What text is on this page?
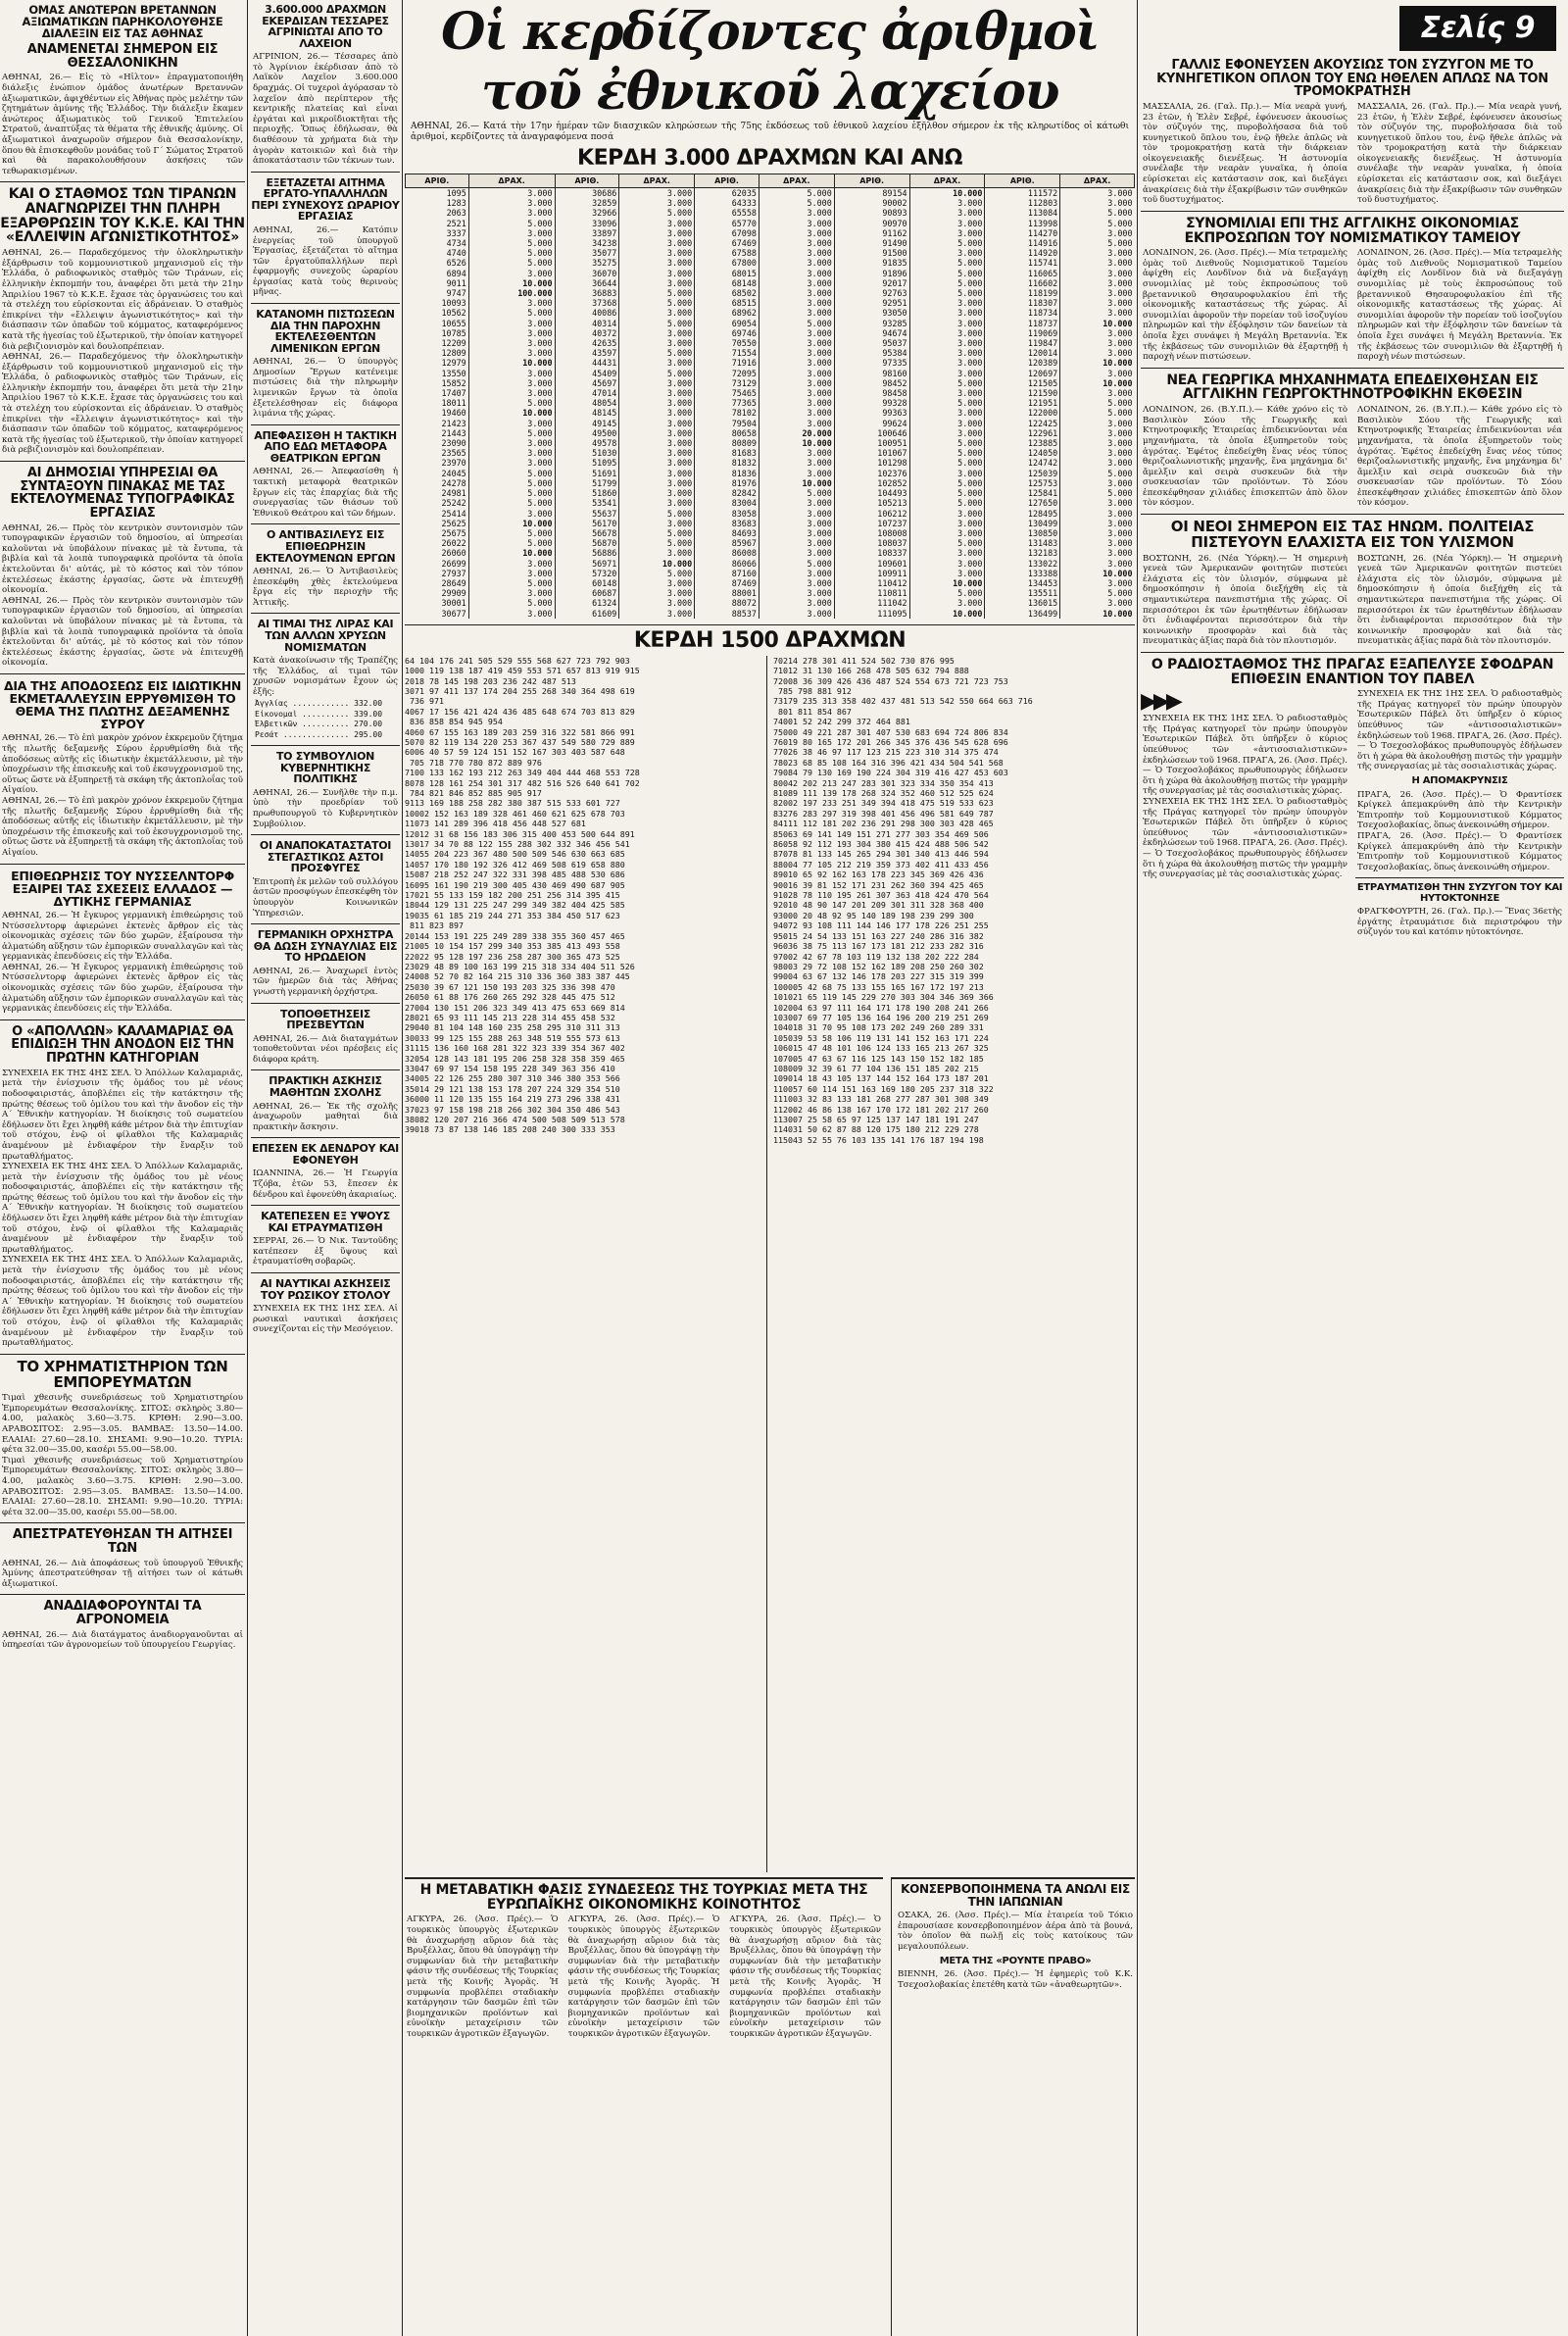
ΟΜΑΣ ΑΝΩΤΕΡΩΝ ΒΡΕΤΑΝΝΩΝ ΑΞΙΩΜΑΤΙΚΩΝ ΠΑΡΗΚΟΛΟΥΘΗΣΕ ΔΙΑΛΕΞΙΝ ΕΙΣ ΤΑΣ ΑΘΗΝΑΣ
ΑΝΑΜΕΝΕΤΑΙ ΣΗΜΕΡΟΝ ΕΙΣ ΘΕΣΣΑΛΟΝΙΚΗΝ
ΑΘΗΝΑΙ, 26.— Εἰς τὸ «Ηἰλτον» ἐπραγματοποιήθη διάλεξις ἐνώπιον ὁμάδος ἀνωτέρων Βρεταννῶν ἀξιωματικῶν, ἀφιχθέντων εἰς Ἀθήνας πρὸς μελέτην τῶν ζητημάτων ἀμύνης τῆς Ἑλλάδος. Τὴν διάλεξιν ἔκαμεν ἀνώτερος ἀξιωματικὸς τοῦ Γενικοῦ Ἐπιτελείου Στρατοῦ, ἀναπτύξας τὰ θέματα τῆς ἐθνικῆς ἀμύνης. Οἱ ἀξιωματικοὶ ἀναχωροῦν σήμερον διὰ Θεσσαλονίκην, ὅπου θὰ ἐπισκεφθοῦν μονάδας τοῦ Γ΄ Σώματος Στρατοῦ καὶ θὰ παρακολουθήσουν ἀσκήσεις τῶν τεθωρακισμένων.
ΚΑΙ Ο ΣΤΑΘΜΟΣ ΤΩΝ ΤΙΡΑΝΩΝ ΑΝΑΓΝΩΡΙΖΕΙ ΤΗΝ ΠΛΗΡΗ ΕΞΑΡΘΡΩΣΙΝ ΤΟΥ Κ.Κ.Ε. ΚΑΙ ΤΗΝ «ΕΛΛΕΙΨΙΝ ΑΓΩΝΙΣΤΙΚΟΤΗΤΟΣ»
ΑΘΗΝΑΙ, 26.— Παραδεχόμενος τὴν ὁλοκληρωτικὴν ἐξάρθρωσιν τοῦ κομμουνιστικοῦ μηχανισμοῦ εἰς τὴν Ἑλλάδα, ὁ ραδιοφωνικὸς σταθμὸς τῶν Τιράνων, εἰς ἑλληνικὴν ἐκπομπήν του, ἀναφέρει ὅτι μετὰ τὴν 21ην Ἀπριλίου 1967 τὸ Κ.Κ.Ε. ἔχασε τὰς ὀργανώσεις του καὶ τὰ στελέχη του εὑρίσκονται εἰς ἀδράνειαν. Ὁ σταθμὸς ἐπικρίνει τὴν «ἔλλειψιν ἀγωνιστικότητος» καὶ τὴν διάσπασιν τῶν ὀπαδῶν τοῦ κόμματος, καταφερόμενος κατὰ τῆς ἡγεσίας τοῦ ἐξωτερικοῦ, τὴν ὁποίαν κατηγορεῖ διὰ ρεβιζιονισμὸν καὶ δουλοπρέπειαν.
ΑΘΗΝΑΙ, 26.— Παραδεχόμενος τὴν ὁλοκληρωτικὴν ἐξάρθρωσιν τοῦ κομμουνιστικοῦ μηχανισμοῦ εἰς τὴν Ἑλλάδα, ὁ ραδιοφωνικὸς σταθμὸς τῶν Τιράνων, εἰς ἑλληνικὴν ἐκπομπήν του, ἀναφέρει ὅτι μετὰ τὴν 21ην Ἀπριλίου 1967 τὸ Κ.Κ.Ε. ἔχασε τὰς ὀργανώσεις του καὶ τὰ στελέχη του εὑρίσκονται εἰς ἀδράνειαν. Ὁ σταθμὸς ἐπικρίνει τὴν «ἔλλειψιν ἀγωνιστικότητος» καὶ τὴν διάσπασιν τῶν ὀπαδῶν τοῦ κόμματος, καταφερόμενος κατὰ τῆς ἡγεσίας τοῦ ἐξωτερικοῦ, τὴν ὁποίαν κατηγορεῖ διὰ ρεβιζιονισμὸν καὶ δουλοπρέπειαν.
ΑΙ ΔΗΜΟΣΙΑΙ ΥΠΗΡΕΣΙΑΙ ΘΑ ΣΥΝΤΑΞΟΥΝ ΠΙΝΑΚΑΣ ΜΕ ΤΑΣ ΕΚΤΕΛΟΥΜΕΝΑΣ ΤΥΠΟΓΡΑΦΙΚΑΣ ΕΡΓΑΣΙΑΣ
ΑΘΗΝΑΙ, 26.— Πρὸς τὸν κεντρικὸν συντονισμὸν τῶν τυπογραφικῶν ἐργασιῶν τοῦ δημοσίου, αἱ ὑπηρεσίαι καλοῦνται νὰ ὑποβάλουν πίνακας μὲ τὰ ἔντυπα, τὰ βιβλία καὶ τὰ λοιπὰ τυπογραφικὰ προϊόντα τὰ ὁποῖα ἐκτελοῦνται δι' αὐτάς, μὲ τὸ κόστος καὶ τὸν τόπον ἐκτελέσεως ἑκάστης ἐργασίας, ὥστε νὰ ἐπιτευχθῇ οἰκονομία.
ΑΘΗΝΑΙ, 26.— Πρὸς τὸν κεντρικὸν συντονισμὸν τῶν τυπογραφικῶν ἐργασιῶν τοῦ δημοσίου, αἱ ὑπηρεσίαι καλοῦνται νὰ ὑποβάλουν πίνακας μὲ τὰ ἔντυπα, τὰ βιβλία καὶ τὰ λοιπὰ τυπογραφικὰ προϊόντα τὰ ὁποῖα ἐκτελοῦνται δι' αὐτάς, μὲ τὸ κόστος καὶ τὸν τόπον ἐκτελέσεως ἑκάστης ἐργασίας, ὥστε νὰ ἐπιτευχθῇ οἰκονομία.
ΔΙΑ ΤΗΣ ΑΠΟΔΟΣΕΩΣ ΕΙΣ ΙΔΙΩΤΙΚΗΝ ΕΚΜΕΤΑΛΛΕΥΣΙΝ ΕΡΡΥΘΜΙΣΘΗ ΤΟ ΘΕΜΑ ΤΗΣ ΠΛΩΤΗΣ ΔΕΞΑΜΕΝΗΣ ΣΥΡΟΥ
ΑΘΗΝΑΙ, 26.— Τὸ ἐπὶ μακρὸν χρόνον ἐκκρεμοῦν ζήτημα τῆς πλωτῆς δεξαμενῆς Σύρου ἐρρυθμίσθη διὰ τῆς ἀποδόσεως αὐτῆς εἰς ἰδιωτικὴν ἐκμετάλλευσιν, μὲ τὴν ὑποχρέωσιν τῆς ἐπισκευῆς καὶ τοῦ ἐκσυγχρονισμοῦ της, οὕτως ὥστε νὰ ἐξυπηρετῇ τὰ σκάφη τῆς ἀκτοπλοΐας τοῦ Αἰγαίου.
ΑΘΗΝΑΙ, 26.— Τὸ ἐπὶ μακρὸν χρόνον ἐκκρεμοῦν ζήτημα τῆς πλωτῆς δεξαμενῆς Σύρου ἐρρυθμίσθη διὰ τῆς ἀποδόσεως αὐτῆς εἰς ἰδιωτικὴν ἐκμετάλλευσιν, μὲ τὴν ὑποχρέωσιν τῆς ἐπισκευῆς καὶ τοῦ ἐκσυγχρονισμοῦ της, οὕτως ὥστε νὰ ἐξυπηρετῇ τὰ σκάφη τῆς ἀκτοπλοΐας τοῦ Αἰγαίου.
ΕΠΙΘΕΩΡΗΣΙΣ ΤΟΥ ΝΥΣΣΕΛΝΤΟΡΦ ΕΞΑΙΡΕΙ ΤΑΣ ΣΧΕΣΕΙΣ ΕΛΛΑΔΟΣ — ΔΥΤΙΚΗΣ ΓΕΡΜΑΝΙΑΣ
ΑΘΗΝΑΙ, 26.— Ἡ ἔγκυρος γερμανικὴ ἐπιθεώρησις τοῦ Ντύσσελντορφ ἀφιερώνει ἐκτενὲς ἄρθρον εἰς τὰς οἰκονομικὰς σχέσεις τῶν δύο χωρῶν, ἐξαίρουσα τὴν ἀλματώδη αὔξησιν τῶν ἐμπορικῶν συναλλαγῶν καὶ τὰς γερμανικὰς ἐπενδύσεις εἰς τὴν Ἑλλάδα.
ΑΘΗΝΑΙ, 26.— Ἡ ἔγκυρος γερμανικὴ ἐπιθεώρησις τοῦ Ντύσσελντορφ ἀφιερώνει ἐκτενὲς ἄρθρον εἰς τὰς οἰκονομικὰς σχέσεις τῶν δύο χωρῶν, ἐξαίρουσα τὴν ἀλματώδη αὔξησιν τῶν ἐμπορικῶν συναλλαγῶν καὶ τὰς γερμανικὰς ἐπενδύσεις εἰς τὴν Ἑλλάδα.
Ο «ΑΠΟΛΛΩΝ» ΚΑΛΑΜΑΡΙΑΣ ΘΑ ΕΠΙΔΙΩΞΗ ΤΗΝ ΑΝΟΔΟΝ ΕΙΣ ΤΗΝ ΠΡΩΤΗΝ ΚΑΤΗΓΟΡΙΑΝ
ΣΥΝΕΧΕΙΑ ΕΚ ΤΗΣ 4ΗΣ ΣΕΛ. Ὁ Ἀπόλλων Καλαμαριᾶς, μετὰ τὴν ἐνίσχυσιν τῆς ὁμάδος του μὲ νέους ποδοσφαιριστάς, ἀποβλέπει εἰς τὴν κατάκτησιν τῆς πρώτης θέσεως τοῦ ὁμίλου του καὶ τὴν ἄνοδον εἰς τὴν Α΄ Ἐθνικὴν κατηγορίαν. Ἡ διοίκησις τοῦ σωματείου ἐδήλωσεν ὅτι ἔχει ληφθῆ κάθε μέτρον διὰ τὴν ἐπιτυχίαν τοῦ στόχου, ἐνῷ οἱ φίλαθλοι τῆς Καλαμαριᾶς ἀναμένουν μὲ ἐνδιαφέρον τὴν ἔναρξιν τοῦ πρωταθλήματος.
ΣΥΝΕΧΕΙΑ ΕΚ ΤΗΣ 4ΗΣ ΣΕΛ. Ὁ Ἀπόλλων Καλαμαριᾶς, μετὰ τὴν ἐνίσχυσιν τῆς ὁμάδος του μὲ νέους ποδοσφαιριστάς, ἀποβλέπει εἰς τὴν κατάκτησιν τῆς πρώτης θέσεως τοῦ ὁμίλου του καὶ τὴν ἄνοδον εἰς τὴν Α΄ Ἐθνικὴν κατηγορίαν. Ἡ διοίκησις τοῦ σωματείου ἐδήλωσεν ὅτι ἔχει ληφθῆ κάθε μέτρον διὰ τὴν ἐπιτυχίαν τοῦ στόχου, ἐνῷ οἱ φίλαθλοι τῆς Καλαμαριᾶς ἀναμένουν μὲ ἐνδιαφέρον τὴν ἔναρξιν τοῦ πρωταθλήματος.
ΣΥΝΕΧΕΙΑ ΕΚ ΤΗΣ 4ΗΣ ΣΕΛ. Ὁ Ἀπόλλων Καλαμαριᾶς, μετὰ τὴν ἐνίσχυσιν τῆς ὁμάδος του μὲ νέους ποδοσφαιριστάς, ἀποβλέπει εἰς τὴν κατάκτησιν τῆς πρώτης θέσεως τοῦ ὁμίλου του καὶ τὴν ἄνοδον εἰς τὴν Α΄ Ἐθνικὴν κατηγορίαν. Ἡ διοίκησις τοῦ σωματείου ἐδήλωσεν ὅτι ἔχει ληφθῆ κάθε μέτρον διὰ τὴν ἐπιτυχίαν τοῦ στόχου, ἐνῷ οἱ φίλαθλοι τῆς Καλαμαριᾶς ἀναμένουν μὲ ἐνδιαφέρον τὴν ἔναρξιν τοῦ πρωταθλήματος.
ΤΟ ΧΡΗΜΑΤΙΣΤΗΡΙΟΝ ΤΩΝ ΕΜΠΟΡΕΥΜΑΤΩΝ
Τιμαὶ χθεσινῆς συνεδριάσεως τοῦ Χρηματιστηρίου Ἐμπορευμάτων Θεσσαλονίκης. ΣΙΤΟΣ: σκληρὸς 3.80—4.00, μαλακὸς 3.60—3.75. ΚΡΙΘΗ: 2.90—3.00. ΑΡΑΒΟΣΙΤΟΣ: 2.95—3.05. ΒΑΜΒΑΞ: 13.50—14.00. ΕΛΑΙΑΙ: 27.60—28.10. ΣΗΣΑΜΙ: 9.90—10.20. ΤΥΡΙΑ: φέτα 32.00—35.00, κασέρι 55.00—58.00.
Τιμαὶ χθεσινῆς συνεδριάσεως τοῦ Χρηματιστηρίου Ἐμπορευμάτων Θεσσαλονίκης. ΣΙΤΟΣ: σκληρὸς 3.80—4.00, μαλακὸς 3.60—3.75. ΚΡΙΘΗ: 2.90—3.00. ΑΡΑΒΟΣΙΤΟΣ: 2.95—3.05. ΒΑΜΒΑΞ: 13.50—14.00. ΕΛΑΙΑΙ: 27.60—28.10. ΣΗΣΑΜΙ: 9.90—10.20. ΤΥΡΙΑ: φέτα 32.00—35.00, κασέρι 55.00—58.00.
ΑΠΕΣΤΡΑΤΕΥΘΗΣΑΝ ΤΗ ΑΙΤΗΣΕΙ ΤΩΝ
ΑΘΗΝΑΙ, 26.— Διὰ ἀποφάσεως τοῦ ὑπουργοῦ Ἐθνικῆς Ἀμύνης ἀπεστρατεύθησαν τῇ αἰτήσει των οἱ κάτωθι ἀξιωματικοί.
ΑΝΑΔΙΑΦΟΡΟΥΝΤΑΙ ΤΑ ΑΓΡΟΝΟΜΕΙΑ
ΑΘΗΝΑΙ, 26.— Διὰ διατάγματος ἀναδιοργανοῦνται αἱ ὑπηρεσίαι τῶν ἀγρονομείων τοῦ ὑπουργείου Γεωργίας.
3.600.000 ΔΡΑΧΜΩΝ ΕΚΕΡΔΙΣΑΝ ΤΕΣΣΑΡΕΣ ΑΓΡΙΝΙΩΤΑΙ ΑΠΟ ΤΟ ΛΑΧΕΙΟΝ
ΑΓΡΙΝΙΟΝ, 26.— Τέσσαρες ἀπὸ τὸ Ἀγρίνιον ἐκέρδισαν ἀπὸ τὸ Λαϊκὸν Λαχεῖον 3.600.000 δραχμάς. Οἱ τυχεροὶ ἀγόρασαν τὸ λαχεῖον ἀπὸ περίπτερον τῆς κεντρικῆς πλατείας καὶ εἶναι ἐργάται καὶ μικροϊδιοκτῆται τῆς περιοχῆς. Ὅπως ἐδήλωσαν, θὰ διαθέσουν τὰ χρήματα διὰ τὴν ἀγορὰν κατοικιῶν καὶ διὰ τὴν ἀποκατάστασιν τῶν τέκνων των.
ΕΞΕΤΑΖΕΤΑΙ ΑΙΤΗΜΑ ΕΡΓΑΤΟ-ΥΠΑΛΛΗΛΩΝ ΠΕΡΙ ΣΥΝΕΧΟΥΣ ΩΡΑΡΙΟΥ ΕΡΓΑΣΙΑΣ
ΑΘΗΝΑΙ, 26.— Κατόπιν ἐνεργείας τοῦ ὑπουργοῦ Ἐργασίας, ἐξετάζεται τὸ αἴτημα τῶν ἐργατοϋπαλλήλων περὶ ἐφαρμογῆς συνεχοῦς ὡραρίου ἐργασίας κατὰ τοὺς θερινοὺς μῆνας.
ΚΑΤΑΝΟΜΗ ΠΙΣΤΩΣΕΩΝ ΔΙΑ ΤΗΝ ΠΑΡΟΧΗΝ ΕΚΤΕΛΕΣΘΕΝΤΩΝ ΛΙΜΕΝΙΚΩΝ ΕΡΓΩΝ
ΑΘΗΝΑΙ, 26.— Ὁ ὑπουργὸς Δημοσίων Ἔργων κατένειμε πιστώσεις διὰ τὴν πληρωμὴν λιμενικῶν ἔργων τὰ ὁποῖα ἐξετελέσθησαν εἰς διάφορα λιμάνια τῆς χώρας.
ΑΠΕΦΑΣΙΣΘΗ Η ΤΑΚΤΙΚΗ ΑΠΟ ΕΔΩ ΜΕΤΑΦΟΡΑ ΘΕΑΤΡΙΚΩΝ ΕΡΓΩΝ
ΑΘΗΝΑΙ, 26.— Ἀπεφασίσθη ἡ τακτικὴ μεταφορὰ θεατρικῶν ἔργων εἰς τὰς ἐπαρχίας διὰ τῆς συνεργασίας τῶν θιάσων τοῦ Ἐθνικοῦ Θεάτρου καὶ τῶν δήμων.
Ο ΑΝΤΙΒΑΣΙΛΕΥΣ ΕΙΣ ΕΠΙΘΕΩΡΗΣΙΝ ΕΚΤΕΛΟΥΜΕΝΩΝ ΕΡΓΩΝ
ΑΘΗΝΑΙ, 26.— Ὁ Ἀντιβασιλεὺς ἐπεσκέφθη χθὲς ἐκτελούμενα ἔργα εἰς τὴν περιοχὴν τῆς Ἀττικῆς.
ΑΙ ΤΙΜΑΙ ΤΗΣ ΛΙΡΑΣ ΚΑΙ ΤΩΝ ΑΛΛΩΝ ΧΡΥΣΩΝ ΝΟΜΙΣΜΑΤΩΝ
Κατὰ ἀνακοίνωσιν τῆς Τραπέζης τῆς Ἑλλάδος, αἱ τιμαὶ τῶν χρυσῶν νομισμάτων ἔχουν ὡς ἑξῆς:
Ἀγγλίας ............ 332.00
Εἰκονομαὶ .......... 339.00
Ἐλβετικῶν .......... 270.00
Ρεσάτ .............. 295.00
ΤΟ ΣΥΜΒΟΥΛΙΟΝ ΚΥΒΕΡΝΗΤΙΚΗΣ ΠΟΛΙΤΙΚΗΣ
ΑΘΗΝΑΙ, 26.— Συνῆλθε τὴν π.μ. ὑπὸ τὴν προεδρίαν τοῦ πρωθυπουργοῦ τὸ Κυβερνητικὸν Συμβούλιον.
ΟΙ ΑΝΑΠΟΚΑΤΑΣΤΑΤΟΙ ΣΤΕΓΑΣΤΙΚΩΣ ΑΣΤΟΙ ΠΡΟΣΦΥΓΕΣ
Ἐπιτροπὴ ἐκ μελῶν τοῦ συλλόγου ἀστῶν προσφύγων ἐπεσκέφθη τὸν ὑπουργὸν Κοινωνικῶν Ὑπηρεσιῶν.
ΓΕΡΜΑΝΙΚΗ ΟΡΧΗΣΤΡΑ ΘΑ ΔΩΣΗ ΣΥΝΑΥΛΙΑΣ ΕΙΣ ΤΟ ΗΡΩΔΕΙΟΝ
ΑΘΗΝΑΙ, 26.— Ἀναχωρεῖ ἐντὸς τῶν ἡμερῶν διὰ τὰς Ἀθήνας γνωστὴ γερμανικὴ ὀρχήστρα.
ΤΟΠΟΘΕΤΗΣΕΙΣ ΠΡΕΣΒΕΥΤΩΝ
ΑΘΗΝΑΙ, 26.— Διὰ διαταγμάτων τοποθετοῦνται νέοι πρέσβεις εἰς διάφορα κράτη.
ΠΡΑΚΤΙΚΗ ΑΣΚΗΣΙΣ ΜΑΘΗΤΩΝ ΣΧΟΛΗΣ
ΑΘΗΝΑΙ, 26.— Ἐκ τῆς σχολῆς ἀναχωροῦν μαθηταὶ διὰ πρακτικὴν ἄσκησιν.
ΕΠΕΣΕΝ ΕΚ ΔΕΝΔΡΟΥ ΚΑΙ ΕΦΟΝΕΥΘΗ
ΙΩΑΝΝΙΝΑ, 26.— Ἡ Γεωργία Τζόβα, ἐτῶν 53, ἔπεσεν ἐκ δένδρου καὶ ἐφονεύθη ἀκαριαίως.
ΚΑΤΕΠΕΣΕΝ ΕΞ ΥΨΟΥΣ ΚΑΙ ΕΤΡΑΥΜΑΤΙΣΘΗ
ΣΕΡΡΑΙ, 26.— Ὁ Νικ. Ταντοῦδης κατέπεσεν ἐξ ὕψους καὶ ἐτραυματίσθη σοβαρῶς.
ΑΙ ΝΑΥΤΙΚΑΙ ΑΣΚΗΣΕΙΣ ΤΟΥ ΡΩΣΙΚΟΥ ΣΤΟΛΟΥ
ΣΥΝΕΧΕΙΑ ΕΚ ΤΗΣ 1ΗΣ ΣΕΛ. Αἱ ρωσικαὶ ναυτικαὶ ἀσκήσεις συνεχίζονται εἰς τὴν Μεσόγειον.
Οἱ κερδίζοντες ἀριθμοὶ τοῦ ἐθνικοῦ λαχείου
ΑΘΗΝΑΙ, 26.— Κατά τὴν 17ην ἡμέραν τῶν διασχικῶν κληρώσεων τῆς 75ης ἐκδόσεως τοῦ ἐθνικοῦ λαχείου ἐξῆλθον σήμερον ἐκ τῆς κληρωτίδος οἱ κάτωθι ἀριθμοί, κερδίζοντες τὰ ἀναγραφόμενα ποσά
ΚΕΡΔΗ 3.000 ΔΡΑΧΜΩΝ ΚΑΙ ΑΝΩ
ΑΡΙΘ.	ΔΡΑΧ.	ΑΡΙΘ.	ΔΡΑΧ.	ΑΡΙΘ.	ΔΡΑΧ.	ΑΡΙΘ.	ΔΡΑΧ.	ΑΡΙΘ.	ΔΡΑΧ.
1095	3.000	30686	3.000	62035	5.000	89154	10.000	111572	3.000
1283	3.000	32859	3.000	64333	5.000	90002	3.000	112803	3.000
2063	3.000	32966	5.000	65558	3.000	90893	3.000	113084	5.000
2521	5.000	33096	3.000	65770	3.000	90970	3.000	113998	5.000
3337	3.000	33897	3.000	67098	3.000	91162	3.000	114270	3.000
4734	5.000	34238	3.000	67469	3.000	91490	5.000	114916	5.000
4740	5.000	35077	3.000	67588	3.000	91500	3.000	114920	3.000
6526	5.000	35275	3.000	67800	3.000	91835	5.000	115741	3.000
6894	3.000	36070	3.000	68015	3.000	91896	5.000	116065	3.000
9011	10.000	36644	3.000	68148	3.000	92017	5.000	116602	3.000
9747	100.000	36883	5.000	68502	3.000	92763	5.000	118199	3.000
10093	3.000	37368	5.000	68515	3.000	92951	3.000	118307	3.000
10562	5.000	40086	3.000	68962	3.000	93050	3.000	118734	3.000
10655	3.000	40314	5.000	69054	5.000	93285	3.000	118737	10.000
10785	3.000	40372	3.000	69746	3.000	94674	3.000	119069	3.000
12209	3.000	42635	3.000	70550	3.000	95037	3.000	119847	3.000
12809	3.000	43597	5.000	71554	3.000	95384	3.000	120014	3.000
12979	10.000	44431	3.000	71916	3.000	97335	3.000	120389	10.000
13550	3.000	45409	5.000	72095	3.000	98160	3.000	120697	3.000
15852	3.000	45697	3.000	73129	3.000	98452	5.000	121505	10.000
17407	3.000	47014	3.000	75465	3.000	98458	3.000	121590	3.000
18011	5.000	48054	3.000	77365	3.000	99328	5.000	121951	5.000
19460	10.000	48145	3.000	78102	3.000	99363	3.000	122000	5.000
21423	3.000	49145	3.000	79504	3.000	99624	3.000	122425	3.000
21443	5.000	49500	3.000	80658	20.000	100646	3.000	122961	3.000
23090	3.000	49578	3.000	80809	10.000	100951	5.000	123885	3.000
23565	3.000	51030	3.000	81683	3.000	101067	5.000	124050	3.000
23970	3.000	51095	3.000	81832	3.000	101298	5.000	124742	3.000
24045	5.000	51691	3.000	81836	3.000	102376	3.000	125039	5.000
24278	5.000	51799	3.000	81976	10.000	102852	5.000	125753	3.000
24981	5.000	51860	3.000	82842	5.000	104493	5.000	125841	5.000
25242	5.000	53541	3.000	83004	3.000	105213	5.000	127650	3.000
25414	3.000	55637	5.000	83058	3.000	106212	3.000	128495	3.000
25625	10.000	56170	3.000	83683	3.000	107237	3.000	130499	3.000
25675	5.000	56678	5.000	84693	3.000	108008	3.000	130850	3.000
26022	5.000	56870	5.000	85967	3.000	108037	5.000	131483	3.000
26060	10.000	56886	3.000	86008	3.000	108337	3.000	132183	3.000
26699	3.000	56971	10.000	86066	5.000	109601	3.000	133022	3.000
27937	3.000	57320	5.000	87160	3.000	109911	3.000	133388	10.000
28649	5.000	60148	3.000	87469	3.000	110412	10.000	134453	3.000
29909	3.000	60687	3.000	88001	3.000	110811	5.000	135511	5.000
30001	5.000	61324	3.000	88072	3.000	111042	3.000	136015	3.000
30677	3.000	61609	3.000	88537	3.000	111095	10.000	136499	10.000
ΚΕΡΔΗ 1500 ΔΡΑΧΜΩΝ
64 104 176 241 505 529 555 568 627 723 792 903
1000 119 138 187 419 459 553 571 657 813 919 915
2018 78 145 198 203 236 242 487 513
3071 97 411 137 174 204 255 268 340 364 498 619
736 971
4067 17 156 421 424 436 485 648 674 703 813 829
836 858 854 945 954
4060 67 155 163 189 203 259 316 322 581 866 991
5070 82 119 134 220 253 367 437 549 580 729 889
6006 40 57 59 124 151 152 167 303 403 587 648
705 718 770 780 872 889 976
7100 133 162 193 212 263 349 404 444 468 553 728
8078 128 161 254 301 317 482 516 526 640 641 702
784 821 846 852 885 905 917
9113 169 188 258 282 380 387 515 533 601 727
10002 152 163 189 328 461 460 621 625 678 703
11073 141 289 396 418 456 448 527 681
12012 31 68 156 183 306 315 400 453 500 644 891
13017 34 70 88 122 155 288 302 332 346 456 541
14055 204 223 367 480 500 509 546 630 663 685
14057 170 180 192 326 412 469 508 619 658 880
15087 218 252 247 322 331 398 485 488 530 686
16095 161 190 219 300 405 430 469 490 687 905
17021 55 133 159 182 200 251 256 314 395 415
18044 129 131 225 247 299 349 382 404 425 585
19035 61 185 219 244 271 353 384 450 517 623
811 823 897
20144 153 191 225 249 289 338 355 360 457 465
21005 10 154 157 299 340 353 385 413 493 558
22022 95 128 197 236 258 287 300 365 473 525
23029 48 89 100 163 199 215 318 334 404 511 526
24008 52 70 82 164 215 310 336 360 383 387 445
25030 39 67 121 150 193 203 325 336 398 470
26050 61 88 176 260 265 292 328 445 475 512
27004 130 151 206 323 349 413 475 653 669 814
28021 65 93 111 145 213 228 314 455 458 532
29040 81 104 148 160 235 258 295 310 311 313
30033 99 125 155 288 263 348 519 555 573 613
31115 136 160 168 281 322 323 339 354 367 402
32054 128 143 181 195 206 258 328 358 359 465
33047 69 97 154 158 195 228 349 363 356 410
34005 22 126 255 280 307 310 346 380 353 566
35014 29 121 138 153 178 207 224 329 354 510
36000 11 120 135 155 164 219 273 296 338 431
37023 97 158 198 218 266 302 304 350 486 543
38082 120 207 216 366 474 500 508 509 513 578
39018 73 87 138 146 185 208 240 300 333 353
70214 278 301 411 524 502 730 876 995
71012 31 130 166 268 478 505 632 794 888
72008 36 309 426 436 487 524 554 673 721 723 753
785 798 881 912
73179 235 313 358 402 437 481 513 542 550 664 663 716
801 811 854 867
74001 52 242 299 372 464 881
75000 49 221 287 301 407 530 683 694 724 806 834
76019 80 165 172 201 266 345 376 436 545 628 696
77026 38 46 97 117 123 215 223 310 314 375 474
78023 68 85 108 164 316 396 421 434 504 541 568
79084 79 130 169 190 224 304 319 416 427 453 603
80042 202 213 247 283 301 323 334 350 354 413
81089 111 139 178 268 324 352 460 512 525 624
82002 197 233 251 349 394 418 475 519 533 623
83276 283 297 319 398 401 456 496 581 649 787
84111 112 181 202 236 291 298 300 303 428 465
85063 69 141 149 151 271 277 303 354 469 506
86058 92 112 193 304 380 415 424 488 506 542
87078 81 133 145 265 294 301 340 413 446 594
88004 77 105 212 219 359 373 402 411 433 456
89010 65 92 162 163 178 223 345 369 426 436
90016 39 81 152 171 231 262 360 394 425 465
91028 78 110 195 261 307 363 418 424 470 564
92010 48 90 147 201 209 301 311 328 368 400
93000 20 48 92 95 140 189 198 239 299 300
94072 93 108 111 144 146 177 178 226 251 255
95015 24 54 133 151 163 227 240 286 316 382
96036 38 75 113 167 173 181 212 233 282 316
97002 42 67 78 103 119 132 138 202 222 284
98003 29 72 108 152 162 189 208 250 260 302
99004 63 67 132 146 178 203 227 315 319 399
100005 42 68 75 133 155 165 167 172 197 213
101021 65 119 145 229 270 303 304 346 369 366
102004 63 97 111 164 171 178 190 208 241 266
103007 69 77 105 136 164 196 200 219 251 269
104018 31 70 95 108 173 202 249 260 289 331
105039 53 58 106 119 131 141 152 163 171 224
106015 47 48 101 106 124 133 165 213 267 325
107005 47 63 67 116 125 143 150 152 182 185
108009 32 39 61 77 104 136 151 185 202 215
109014 18 43 105 137 144 152 164 173 187 201
110057 60 114 151 163 169 180 205 237 318 322
111003 32 83 133 181 268 277 287 301 308 349
112002 46 86 138 167 170 172 181 202 217 260
113007 25 58 65 97 125 137 147 181 191 247
114031 50 62 87 88 120 175 180 212 229 278
115043 52 55 76 103 135 141 176 187 194 198
Η ΜΕΤΑΒΑΤΙΚΗ ΦΑΣΙΣ ΣΥΝΔΕΣΕΩΣ ΤΗΣ ΤΟΥΡΚΙΑΣ ΜΕΤΑ ΤΗΣ ΕΥΡΩΠΑΪΚΗΣ ΟΙΚΟΝΟΜΙΚΗΣ ΚΟΙΝΟΤΗΤΟΣ
ΑΓΚΥΡΑ, 26. (Ἀσσ. Πρές).— Ὁ τουρκικὸς ὑπουργὸς ἐξωτερικῶν θὰ ἀναχωρήσῃ αὔριον διὰ τὰς Βρυξέλλας, ὅπου θὰ ὑπογράψῃ τὴν συμφωνίαν διὰ τὴν μεταβατικὴν φάσιν τῆς συνδέσεως τῆς Τουρκίας μετὰ τῆς Κοινῆς Ἀγορᾶς. Ἡ συμφωνία προβλέπει σταδιακὴν κατάργησιν τῶν δασμῶν ἐπὶ τῶν βιομηχανικῶν προϊόντων καὶ εὐνοϊκὴν μεταχείρισιν τῶν τουρκικῶν ἀγροτικῶν ἐξαγωγῶν.
ΑΓΚΥΡΑ, 26. (Ἀσσ. Πρές).— Ὁ τουρκικὸς ὑπουργὸς ἐξωτερικῶν θὰ ἀναχωρήσῃ αὔριον διὰ τὰς Βρυξέλλας, ὅπου θὰ ὑπογράψῃ τὴν συμφωνίαν διὰ τὴν μεταβατικὴν φάσιν τῆς συνδέσεως τῆς Τουρκίας μετὰ τῆς Κοινῆς Ἀγορᾶς. Ἡ συμφωνία προβλέπει σταδιακὴν κατάργησιν τῶν δασμῶν ἐπὶ τῶν βιομηχανικῶν προϊόντων καὶ εὐνοϊκὴν μεταχείρισιν τῶν τουρκικῶν ἀγροτικῶν ἐξαγωγῶν.
ΑΓΚΥΡΑ, 26. (Ἀσσ. Πρές).— Ὁ τουρκικὸς ὑπουργὸς ἐξωτερικῶν θὰ ἀναχωρήσῃ αὔριον διὰ τὰς Βρυξέλλας, ὅπου θὰ ὑπογράψῃ τὴν συμφωνίαν διὰ τὴν μεταβατικὴν φάσιν τῆς συνδέσεως τῆς Τουρκίας μετὰ τῆς Κοινῆς Ἀγορᾶς. Ἡ συμφωνία προβλέπει σταδιακὴν κατάργησιν τῶν δασμῶν ἐπὶ τῶν βιομηχανικῶν προϊόντων καὶ εὐνοϊκὴν μεταχείρισιν τῶν τουρκικῶν ἀγροτικῶν ἐξαγωγῶν.
ΚΟΝΣΕΡΒΟΠΟΙΗΜΕΝΑ ΤΑ ΑΝΩΛΙ ΕΙΣ ΤΗΝ ΙΑΠΩΝΙΑΝ
ΟΣΑΚΑ, 26. (Ἀσσ. Πρές).— Μία ἑταιρεία τοῦ Τόκιο ἐπαρουσίασε κονσερβοποιημένον ἀέρα ἀπὸ τὰ βουνά, τὸν ὁποῖον θὰ πωλῇ εἰς τοὺς κατοίκους τῶν μεγαλουπόλεων.
ΜΕΤΑ ΤΗΣ «ΡΟΥΝΤΕ ΠΡΑΒΟ»
ΒΙΕΝΝΗ, 26. (Ἀσσ. Πρές).— Ἡ ἐφημερὶς τοῦ Κ.Κ. Τσεχοσλοβακίας ἐπετέθη κατὰ τῶν «ἀναθεωρητῶν».
Σελίς 9
ΓΑΛΛΙΣ ΕΦΟΝΕΥΣΕΝ ΑΚΟΥΣΙΩΣ ΤΟΝ ΣΥΖΥΓΟΝ ΜΕ ΤΟ ΚΥΝΗΓΕΤΙΚΟΝ ΟΠΛΟΝ ΤΟΥ ΕΝΩ ΗΘΕΛΕΝ ΑΠΛΩΣ ΝΑ ΤΟΝ ΤΡΟΜΟΚΡΑΤΗΣΗ
ΜΑΣΣΑΛΙΑ, 26. (Γαλ. Πρ.).— Μία νεαρὰ γυνή, 23 ἐτῶν, ἡ Ἐλὲν Σεβρέ, ἐφόνευσεν ἀκουσίως τὸν σύζυγόν της, πυροβολήσασα διὰ τοῦ κυνηγετικοῦ ὅπλου του, ἐνῷ ἤθελε ἁπλῶς νὰ τὸν τρομοκρατήσῃ κατὰ τὴν διάρκειαν οἰκογενειακῆς διενέξεως. Ἡ ἀστυνομία συνέλαβε τὴν νεαρὰν γυναῖκα, ἡ ὁποία εὑρίσκεται εἰς κατάστασιν σοκ, καὶ διεξάγει ἀνακρίσεις διὰ τὴν ἐξακρίβωσιν τῶν συνθηκῶν τοῦ δυστυχήματος.
ΜΑΣΣΑΛΙΑ, 26. (Γαλ. Πρ.).— Μία νεαρὰ γυνή, 23 ἐτῶν, ἡ Ἐλὲν Σεβρέ, ἐφόνευσεν ἀκουσίως τὸν σύζυγόν της, πυροβολήσασα διὰ τοῦ κυνηγετικοῦ ὅπλου του, ἐνῷ ἤθελε ἁπλῶς νὰ τὸν τρομοκρατήσῃ κατὰ τὴν διάρκειαν οἰκογενειακῆς διενέξεως. Ἡ ἀστυνομία συνέλαβε τὴν νεαρὰν γυναῖκα, ἡ ὁποία εὑρίσκεται εἰς κατάστασιν σοκ, καὶ διεξάγει ἀνακρίσεις διὰ τὴν ἐξακρίβωσιν τῶν συνθηκῶν τοῦ δυστυχήματος.
ΣΥΝΟΜΙΛΙΑΙ ΕΠΙ ΤΗΣ ΑΓΓΛΙΚΗΣ ΟΙΚΟΝΟΜΙΑΣ ΕΚΠΡΟΣΩΠΩΝ ΤΟΥ ΝΟΜΙΣΜΑΤΙΚΟΥ ΤΑΜΕΙΟΥ
ΛΟΝΔΙΝΟΝ, 26. (Ἀσσ. Πρές).— Μία τετραμελὴς ὁμὰς τοῦ Διεθνοῦς Νομισματικοῦ Ταμείου ἀφίχθη εἰς Λονδῖνον διὰ νὰ διεξαγάγῃ συνομιλίας μὲ τοὺς ἐκπροσώπους τοῦ βρεταννικοῦ Θησαυροφυλακίου ἐπὶ τῆς οἰκονομικῆς καταστάσεως τῆς χώρας. Αἱ συνομιλίαι ἀφοροῦν τὴν πορείαν τοῦ ἰσοζυγίου πληρωμῶν καὶ τὴν ἐξόφλησιν τῶν δανείων τὰ ὁποῖα ἔχει συνάψει ἡ Μεγάλη Βρεταννία. Ἐκ τῆς ἐκβάσεως τῶν συνομιλιῶν θὰ ἐξαρτηθῇ ἡ παροχὴ νέων πιστώσεων.
ΛΟΝΔΙΝΟΝ, 26. (Ἀσσ. Πρές).— Μία τετραμελὴς ὁμὰς τοῦ Διεθνοῦς Νομισματικοῦ Ταμείου ἀφίχθη εἰς Λονδῖνον διὰ νὰ διεξαγάγῃ συνομιλίας μὲ τοὺς ἐκπροσώπους τοῦ βρεταννικοῦ Θησαυροφυλακίου ἐπὶ τῆς οἰκονομικῆς καταστάσεως τῆς χώρας. Αἱ συνομιλίαι ἀφοροῦν τὴν πορείαν τοῦ ἰσοζυγίου πληρωμῶν καὶ τὴν ἐξόφλησιν τῶν δανείων τὰ ὁποῖα ἔχει συνάψει ἡ Μεγάλη Βρεταννία. Ἐκ τῆς ἐκβάσεως τῶν συνομιλιῶν θὰ ἐξαρτηθῇ ἡ παροχὴ νέων πιστώσεων.
ΝΕΑ ΓΕΩΡΓΙΚΑ ΜΗΧΑΝΗΜΑΤΑ ΕΠΕΔΕΙΧΘΗΣΑΝ ΕΙΣ ΑΓΓΛΙΚΗΝ ΓΕΩΡΓΟΚΤΗΝΟΤΡΟΦΙΚΗΝ ΕΚΘΕΣΙΝ
ΛΟΝΔΙΝΟΝ, 26. (Β.Υ.Π.).— Κάθε χρόνο εἰς τὸ Βασιλικὸν Σόου τῆς Γεωργικῆς καὶ Κτηνοτροφικῆς Ἑταιρείας ἐπιδεικνύονται νέα μηχανήματα, τὰ ὁποῖα ἐξυπηρετοῦν τοὺς ἀγρότας. Ἐφέτος ἐπεδείχθη ἕνας νέος τύπος θεριζοαλωνιστικῆς μηχανῆς, ἕνα μηχάνημα δι' ἄμελξιν καὶ σειρὰ συσκευῶν διὰ τὴν συσκευασίαν τῶν προϊόντων. Τὸ Σόου ἐπεσκέφθησαν χιλιάδες ἐπισκεπτῶν ἀπὸ ὅλον τὸν κόσμον.
ΛΟΝΔΙΝΟΝ, 26. (Β.Υ.Π.).— Κάθε χρόνο εἰς τὸ Βασιλικὸν Σόου τῆς Γεωργικῆς καὶ Κτηνοτροφικῆς Ἑταιρείας ἐπιδεικνύονται νέα μηχανήματα, τὰ ὁποῖα ἐξυπηρετοῦν τοὺς ἀγρότας. Ἐφέτος ἐπεδείχθη ἕνας νέος τύπος θεριζοαλωνιστικῆς μηχανῆς, ἕνα μηχάνημα δι' ἄμελξιν καὶ σειρὰ συσκευῶν διὰ τὴν συσκευασίαν τῶν προϊόντων. Τὸ Σόου ἐπεσκέφθησαν χιλιάδες ἐπισκεπτῶν ἀπὸ ὅλον τὸν κόσμον.
ΟΙ ΝΕΟΙ ΣΗΜΕΡΟΝ ΕΙΣ ΤΑΣ ΗΝΩΜ. ΠΟΛΙΤΕΙΑΣ ΠΙΣΤΕΥΟΥΝ ΕΛΑΧΙΣΤΑ ΕΙΣ ΤΟΝ ΥΛΙΣΜΟΝ
ΒΟΣΤΩΝΗ, 26. (Νέα Ὑόρκη).— Ἡ σημερινὴ γενεὰ τῶν Ἀμερικανῶν φοιτητῶν πιστεύει ἐλάχιστα εἰς τὸν ὑλισμόν, σύμφωνα μὲ δημοσκόπησιν ἡ ὁποία διεξήχθη εἰς τὰ σημαντικώτερα πανεπιστήμια τῆς χώρας. Οἱ περισσότεροι ἐκ τῶν ἐρωτηθέντων ἐδήλωσαν ὅτι ἐνδιαφέρονται περισσότερον διὰ τὴν κοινωνικὴν προσφορὰν καὶ διὰ τὰς πνευματικὰς ἀξίας παρὰ διὰ τὸν πλουτισμόν.
ΒΟΣΤΩΝΗ, 26. (Νέα Ὑόρκη).— Ἡ σημερινὴ γενεὰ τῶν Ἀμερικανῶν φοιτητῶν πιστεύει ἐλάχιστα εἰς τὸν ὑλισμόν, σύμφωνα μὲ δημοσκόπησιν ἡ ὁποία διεξήχθη εἰς τὰ σημαντικώτερα πανεπιστήμια τῆς χώρας. Οἱ περισσότεροι ἐκ τῶν ἐρωτηθέντων ἐδήλωσαν ὅτι ἐνδιαφέρονται περισσότερον διὰ τὴν κοινωνικὴν προσφορὰν καὶ διὰ τὰς πνευματικὰς ἀξίας παρὰ διὰ τὸν πλουτισμόν.
Ο ΡΑΔΙΟΣΤΑΘΜΟΣ ΤΗΣ ΠΡΑΓΑΣ ΕΞΑΠΕΛΥΣΕ ΣΦΟΔΡΑΝ ΕΠΙΘΕΣΙΝ ΕΝΑΝΤΙΟΝ ΤΟΥ ΠΑΒΕΛ
▶▶▶
ΣΥΝΕΧΕΙΑ ΕΚ ΤΗΣ 1ΗΣ ΣΕΛ. Ὁ ραδιοσταθμὸς τῆς Πράγας κατηγορεῖ τὸν πρώην ὑπουργὸν Ἐσωτερικῶν Πάβελ ὅτι ὑπῆρξεν ὁ κύριος ὑπεύθυνος τῶν «ἀντισοσιαλιστικῶν» ἐκδηλώσεων τοῦ 1968. ΠΡΑΓΑ, 26. (Ἀσσ. Πρές).— Ὁ Τσεχοσλοβάκος πρωθυπουργὸς ἐδήλωσεν ὅτι ἡ χώρα θὰ ἀκολουθήσῃ πιστῶς τὴν γραμμὴν τῆς συνεργασίας μὲ τὰς σοσιαλιστικὰς χώρας.
ΣΥΝΕΧΕΙΑ ΕΚ ΤΗΣ 1ΗΣ ΣΕΛ. Ὁ ραδιοσταθμὸς τῆς Πράγας κατηγορεῖ τὸν πρώην ὑπουργὸν Ἐσωτερικῶν Πάβελ ὅτι ὑπῆρξεν ὁ κύριος ὑπεύθυνος τῶν «ἀντισοσιαλιστικῶν» ἐκδηλώσεων τοῦ 1968. ΠΡΑΓΑ, 26. (Ἀσσ. Πρές).— Ὁ Τσεχοσλοβάκος πρωθυπουργὸς ἐδήλωσεν ὅτι ἡ χώρα θὰ ἀκολουθήσῃ πιστῶς τὴν γραμμὴν τῆς συνεργασίας μὲ τὰς σοσιαλιστικὰς χώρας.
ΣΥΝΕΧΕΙΑ ΕΚ ΤΗΣ 1ΗΣ ΣΕΛ. Ὁ ραδιοσταθμὸς τῆς Πράγας κατηγορεῖ τὸν πρώην ὑπουργὸν Ἐσωτερικῶν Πάβελ ὅτι ὑπῆρξεν ὁ κύριος ὑπεύθυνος τῶν «ἀντισοσιαλιστικῶν» ἐκδηλώσεων τοῦ 1968. ΠΡΑΓΑ, 26. (Ἀσσ. Πρές).— Ὁ Τσεχοσλοβάκος πρωθυπουργὸς ἐδήλωσεν ὅτι ἡ χώρα θὰ ἀκολουθήσῃ πιστῶς τὴν γραμμὴν τῆς συνεργασίας μὲ τὰς σοσιαλιστικὰς χώρας.
Η ΑΠΟΜΑΚΡΥΝΣΙΣ
ΠΡΑΓΑ, 26. (Ἀσσ. Πρές).— Ὁ Φραντίσεκ Κρίγκελ ἀπεμακρύνθη ἀπὸ τὴν Κεντρικὴν Ἐπιτροπὴν τοῦ Κομμουνιστικοῦ Κόμματος Τσεχοσλοβακίας, ὅπως ἀνεκοινώθη σήμερον.
ΠΡΑΓΑ, 26. (Ἀσσ. Πρές).— Ὁ Φραντίσεκ Κρίγκελ ἀπεμακρύνθη ἀπὸ τὴν Κεντρικὴν Ἐπιτροπὴν τοῦ Κομμουνιστικοῦ Κόμματος Τσεχοσλοβακίας, ὅπως ἀνεκοινώθη σήμερον.
ΕΤΡΑΥΜΑΤΙΣΘΗ ΤΗΝ ΣΥΖΥΓΟΝ ΤΟΥ ΚΑΙ ΗΥΤΟΚΤΟΝΗΣΕ
ΦΡΑΓΚΦΟΥΡΤΗ, 26. (Γαλ. Πρ.).— Ἕνας 36ετὴς ἐργάτης ἐτραυμάτισε διὰ περιστρόφου τὴν σύζυγόν του καὶ κατόπιν ηὐτοκτόνησε.
